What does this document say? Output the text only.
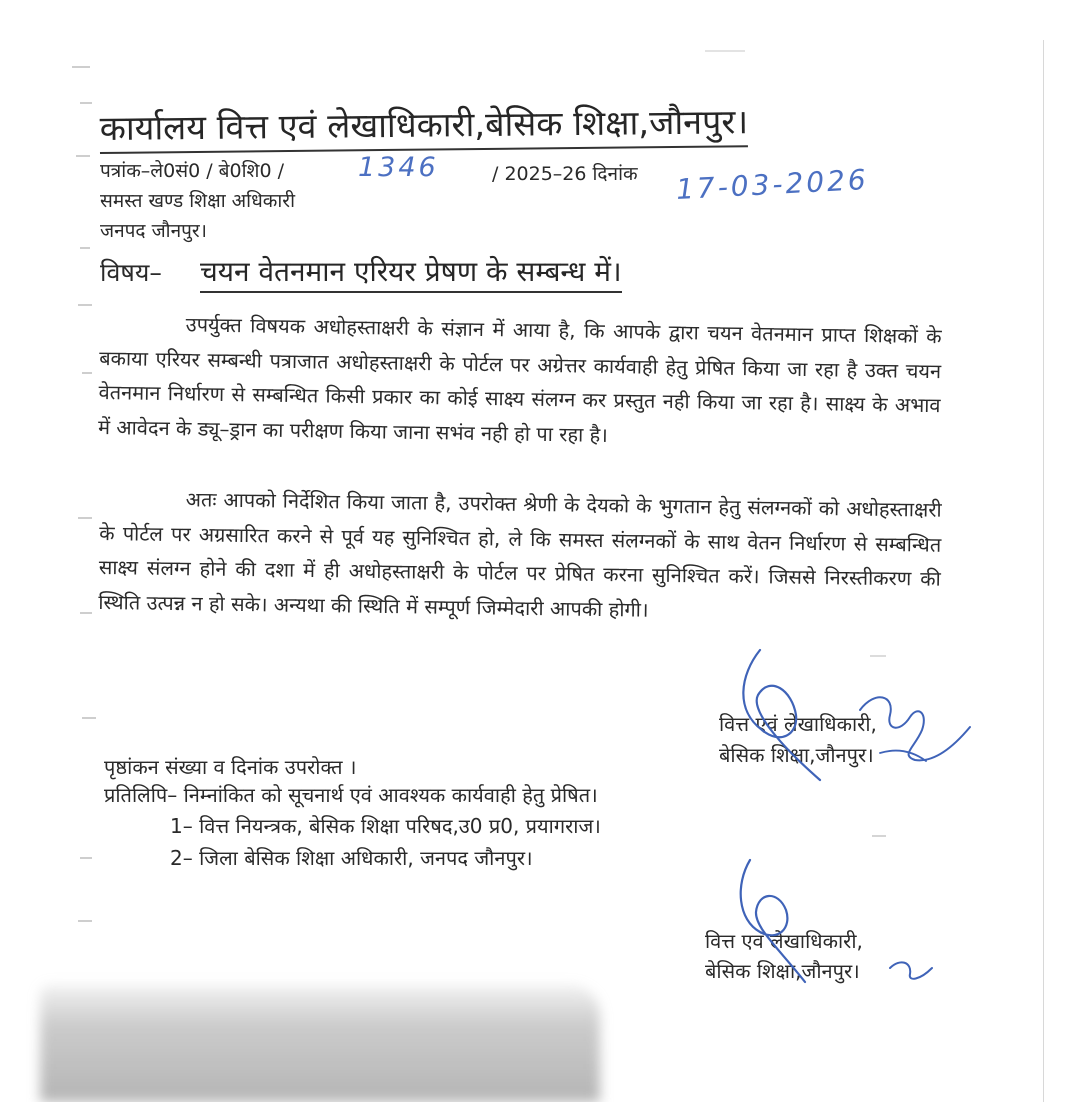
कार्यालय वित्त एवं लेखाधिकारी,बेसिक शिक्षा,जौनपुर।
पत्रांक–ले0सं0 / बे0शि0 /	1346	/ 2025–26 दिनांक 17-03-2026
समस्त खण्ड शिक्षा अधिकारी
जनपद जौनपुर।
विषय– चयन वेतनमान एरियर प्रेषण के सम्बन्ध में।

उपर्युक्त विषयक अधोहस्ताक्षरी के संज्ञान में आया है, कि आपके द्वारा चयन वेतनमान प्राप्त शिक्षकों के बकाया एरियर सम्बन्धी पत्राजात अधोहस्ताक्षरी के पोर्टल पर अग्रेत्तर कार्यवाही हेतु प्रेषित किया जा रहा है उक्त चयन वेतनमान निर्धारण से सम्बन्धित किसी प्रकार का कोई साक्ष्य संलग्न कर प्रस्तुत नही किया जा रहा है। साक्ष्य के अभाव में आवेदन के ड्यू–ड्रान का परीक्षण किया जाना सभंव नही हो पा रहा है।

अतः आपको निर्देशित किया जाता है, उपरोक्त श्रेणी के देयको के भुगतान हेतु संलग्नकों को अधोहस्ताक्षरी के पोर्टल पर अग्रसारित करने से पूर्व यह सुनिश्चित हो, ले कि समस्त संलग्नकों के साथ वेतन निर्धारण से सम्बन्धित साक्ष्य संलग्न होने की दशा में ही अधोहस्ताक्षरी के पोर्टल पर प्रेषित करना सुनिश्चित करें। जिससे निरस्तीकरण की स्थिति उत्पन्न न हो सके। अन्यथा की स्थिति में सम्पूर्ण जिम्मेदारी आपकी होगी।

वित्त एवं लेखाधिकारी,
बेसिक शिक्षा,जौनपुर।
पृष्ठांकन संख्या व दिनांक उपरोक्त ।
प्रतिलिपि– निम्नांकित को सूचनार्थ एवं आवश्यक कार्यवाही हेतु प्रेषित।
1– वित्त नियन्त्रक, बेसिक शिक्षा परिषद,उ0 प्र0, प्रयागराज।
2– जिला बेसिक शिक्षा अधिकारी, जनपद जौनपुर।
वित्त एवं लेखाधिकारी,
बेसिक शिक्षा,जौनपुर।
